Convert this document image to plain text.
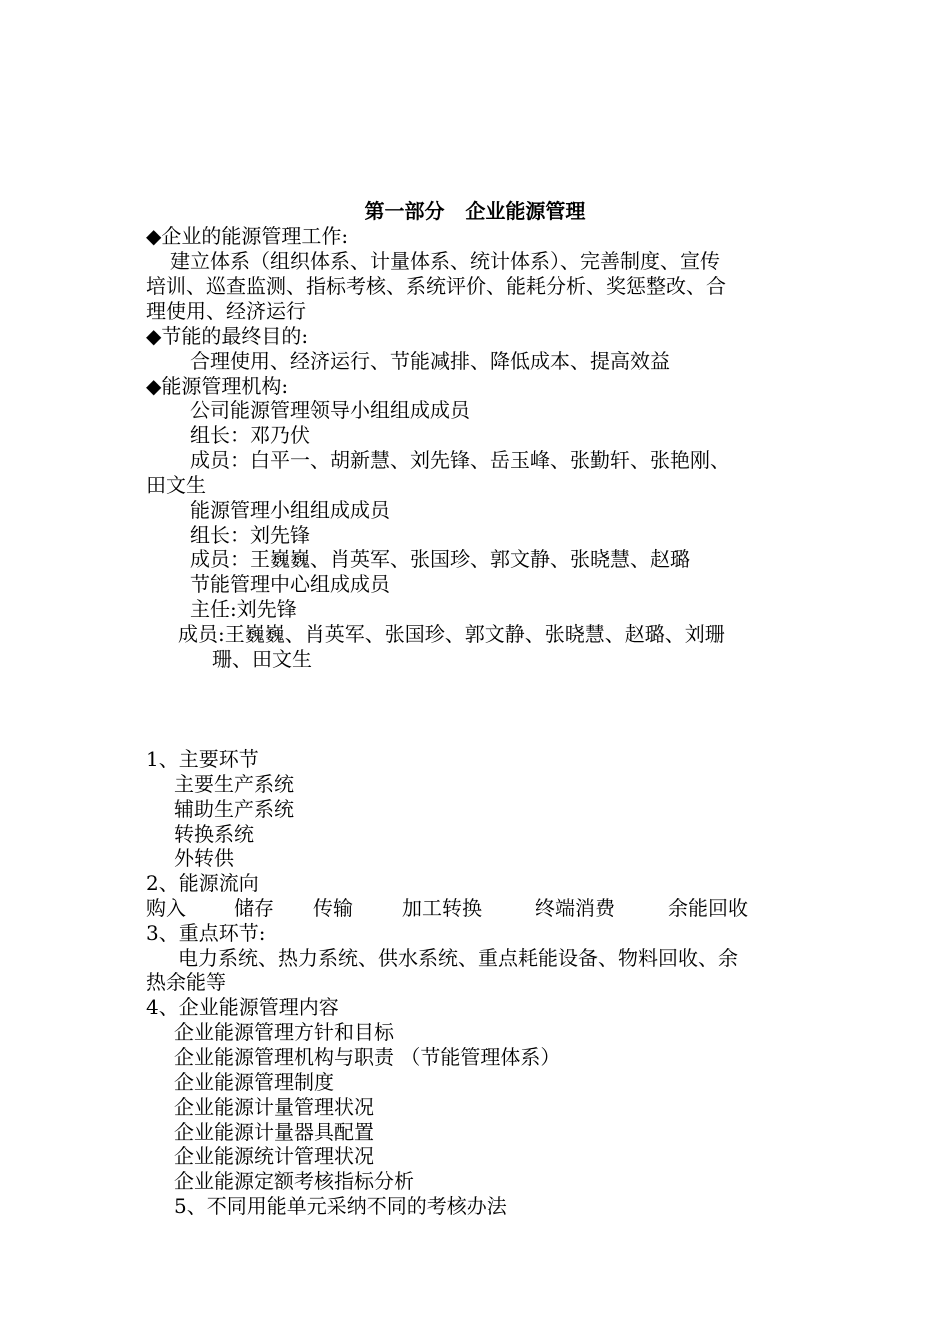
第一部分   企业能源管理
◆企业的能源管理工作:
建立体系（组织体系、计量体系、统计体系）、完善制度、宣传
培训、巡查监测、指标考核、系统评价、能耗分析、奖惩整改、合
理使用、经济运行
◆节能的最终目的:
合理使用、经济运行、节能减排、降低成本、提高效益
◆能源管理机构:
公司能源管理领导小组组成成员
组长：邓乃伏
成员：白平一、胡新慧、刘先锋、岳玉峰、张勤轩、张艳刚、
田文生
能源管理小组组成成员
组长：刘先锋
成员：王巍巍、肖英军、张国珍、郭文静、张晓慧、赵璐
节能管理中心组成成员
主任:刘先锋
成员:王巍巍、肖英军、张国珍、郭文静、张晓慧、赵璐、刘珊
珊、田文生
1、主要环节
主要生产系统
辅助生产系统
转换系统
外转供
2、能源流向
购入 储存 传输 加工转换	终端消费	余能回收
3、重点环节:
电力系统、热力系统、供水系统、重点耗能设备、物料回收、余
热余能等
4、企业能源管理内容
企业能源管理方针和目标
企业能源管理机构与职责 （节能管理体系）
企业能源管理制度
企业能源计量管理状况
企业能源计量器具配置
企业能源统计管理状况
企业能源定额考核指标分析
5、不同用能单元采纳不同的考核办法
